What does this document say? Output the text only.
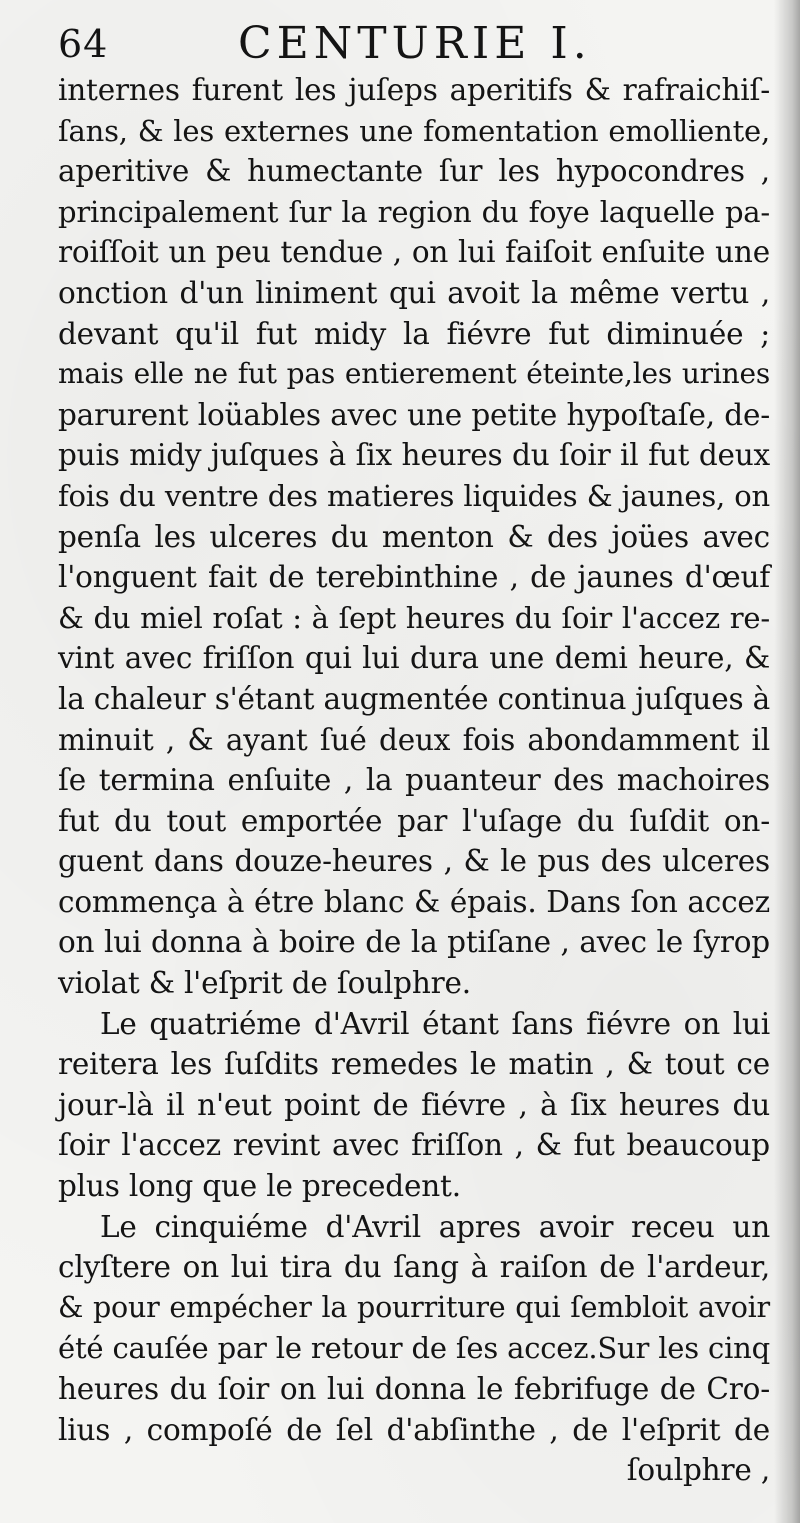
64	CENTURIE I.
internes furent les juſeps aperitifs & rafraichiſ-
ſans, & les externes une fomentation emolliente,
aperitive & humectante ſur les hypocondres ,
principalement ſur la region du foye laquelle pa-
roiſſoit un peu tendue , on lui faiſoit enſuite une
onction d'un liniment qui avoit la même vertu ,
devant qu'il fut midy la fiévre fut diminuée ;
mais elle ne fut pas entierement éteinte,les urines
parurent loüables avec une petite hypoſtaſe, de-
puis midy juſques à ſix heures du ſoir il fut deux
fois du ventre des matieres liquides & jaunes, on
penſa les ulceres du menton & des joües avec
l'onguent fait de terebinthine , de jaunes d'œuf
& du miel roſat : à ſept heures du ſoir l'accez re-
vint avec friſſon qui lui dura une demi heure, &
la chaleur s'étant augmentée continua juſques à
minuit , & ayant ſué deux fois abondamment il
ſe termina enſuite , la puanteur des machoires
fut du tout emportée par l'uſage du ſuſdit on-
guent dans douze-heures , & le pus des ulceres
commença à étre blanc & épais. Dans ſon accez
on lui donna à boire de la ptiſane , avec le ſyrop
violat & l'eſprit de ſoulphre.
Le quatriéme d'Avril étant ſans fiévre on lui
reitera les ſuſdits remedes le matin , & tout ce
jour-là il n'eut point de fiévre , à ſix heures du
ſoir l'accez revint avec friſſon , & fut beaucoup
plus long que le precedent.
Le cinquiéme d'Avril apres avoir receu un
clyſtere on lui tira du ſang à raiſon de l'ardeur,
& pour empécher la pourriture qui ſembloit avoir
été cauſée par le retour de ſes accez.Sur les cinq
heures du ſoir on lui donna le febrifuge de Cro-
lius , compoſé de ſel d'abſinthe , de l'eſprit de
ſoulphre ,
